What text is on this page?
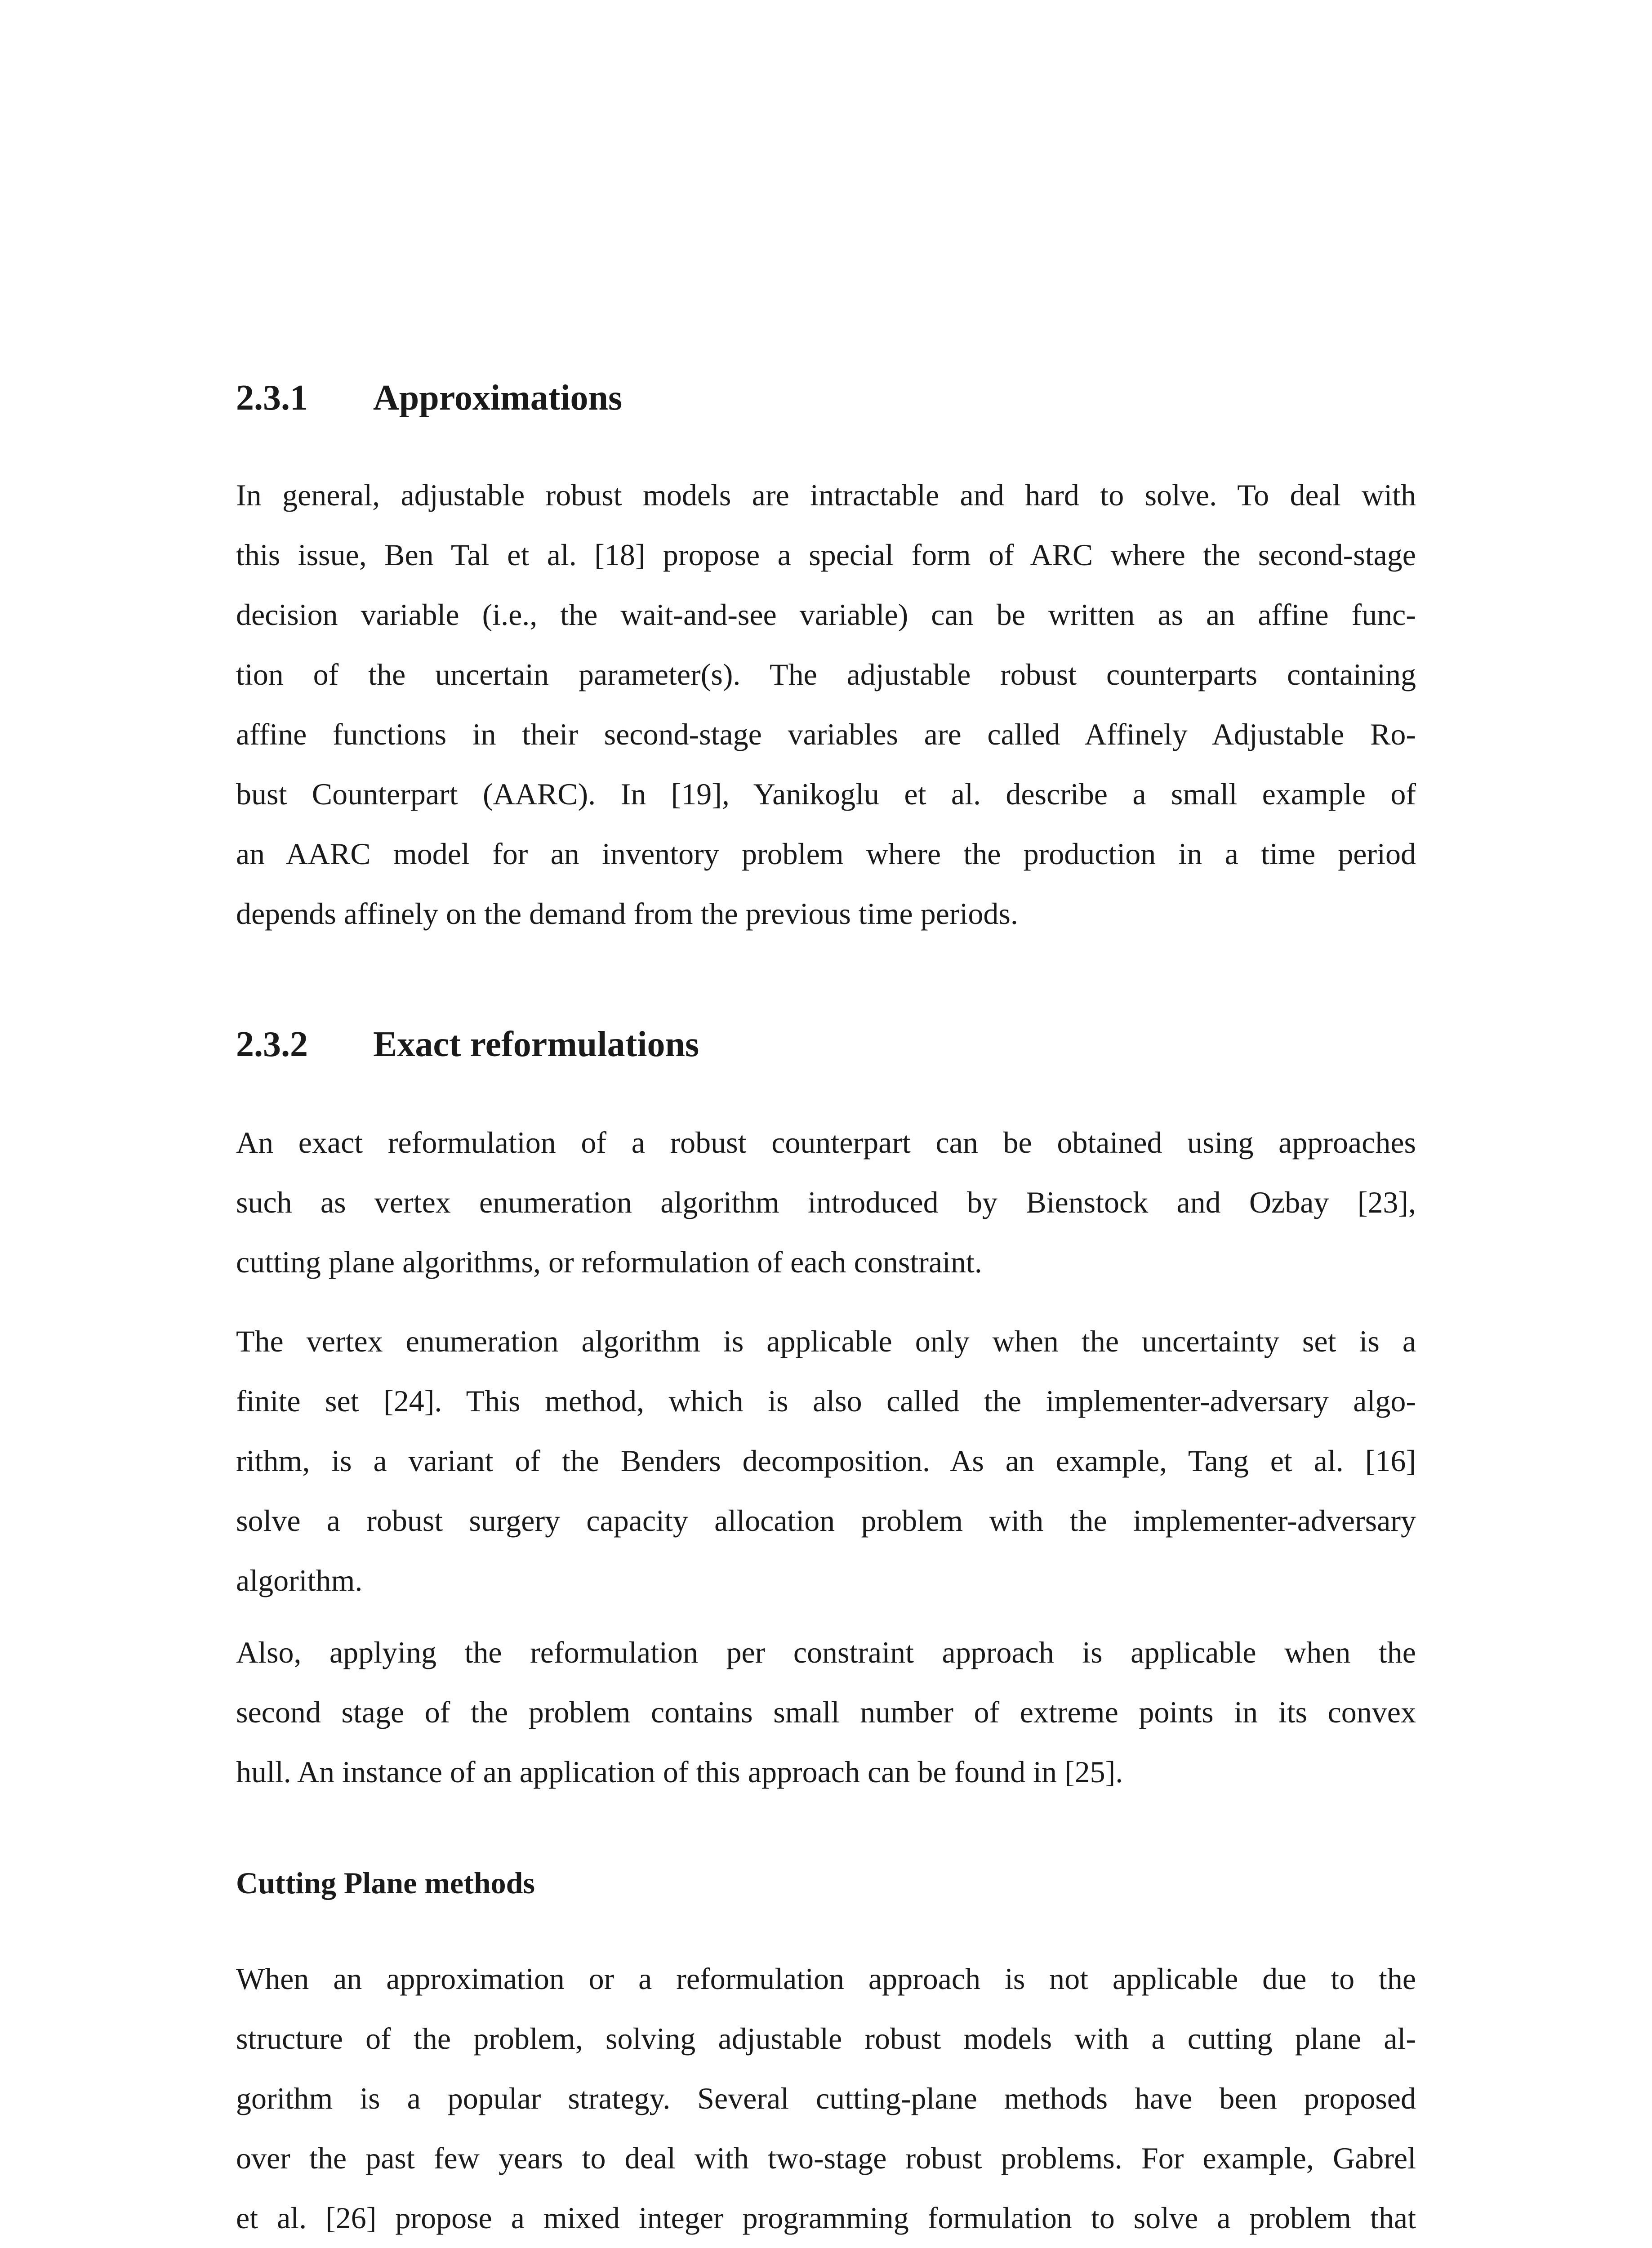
2.3.1 Approximations
In general, adjustable robust models are intractable and hard to solve. To deal with
this issue, Ben Tal et al. [18] propose a special form of ARC where the second-stage
decision variable (i.e., the wait-and-see variable) can be written as an affine func-
tion of the uncertain parameter(s). The adjustable robust counterparts containing
affine functions in their second-stage variables are called Affinely Adjustable Ro-
bust Counterpart (AARC). In [19], Yanikoglu et al. describe a small example of
an AARC model for an inventory problem where the production in a time period
depends affinely on the demand from the previous time periods.
2.3.2 Exact reformulations
An exact reformulation of a robust counterpart can be obtained using approaches
such as vertex enumeration algorithm introduced by Bienstock and Ozbay [23],
cutting plane algorithms, or reformulation of each constraint.
The vertex enumeration algorithm is applicable only when the uncertainty set is a
finite set [24]. This method, which is also called the implementer-adversary algo-
rithm, is a variant of the Benders decomposition. As an example, Tang et al. [16]
solve a robust surgery capacity allocation problem with the implementer-adversary
algorithm.
Also, applying the reformulation per constraint approach is applicable when the
second stage of the problem contains small number of extreme points in its convex
hull. An instance of an application of this approach can be found in [25].
Cutting Plane methods
When an approximation or a reformulation approach is not applicable due to the
structure of the problem, solving adjustable robust models with a cutting plane al-
gorithm is a popular strategy. Several cutting-plane methods have been proposed
over the past few years to deal with two-stage robust problems. For example, Gabrel
et al. [26] propose a mixed integer programming formulation to solve a problem that
